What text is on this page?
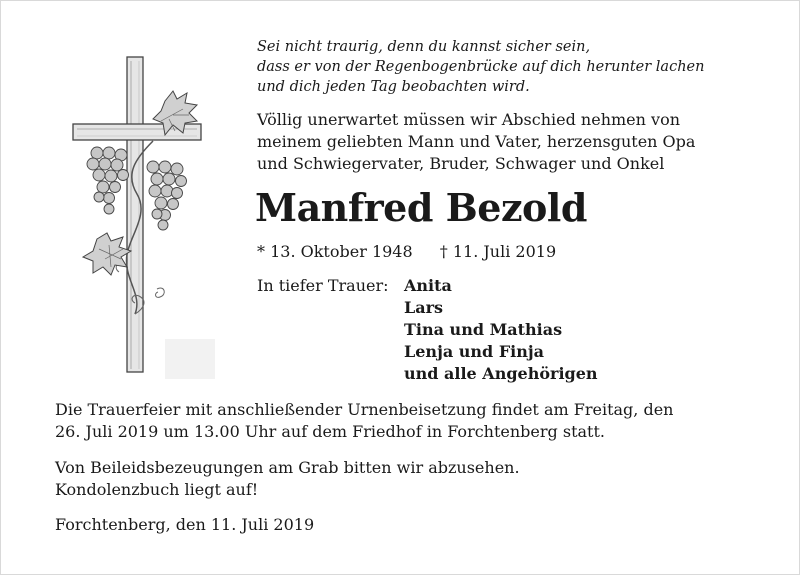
Sei nicht traurig, denn du kannst sicher sein,
dass er von der Regenbogenbrücke auf dich herunter lachen
und dich jeden Tag beobachten wird.
Völlig unerwartet müssen wir Abschied nehmen von
meinem geliebten Mann und Vater, herzensguten Opa
und Schwiegervater, Bruder, Schwager und Onkel
Manfred Bezold
* 13. Oktober 1948 † 11. Juli 2019
In tiefer Trauer: Anita
Lars
Tina und Mathias
Lenja und Finja
und alle Angehörigen
Die Trauerfeier mit anschließender Urnenbeisetzung findet am Freitag, den
26. Juli 2019 um 13.00 Uhr auf dem Friedhof in Forchtenberg statt.
Von Beileidsbezeugungen am Grab bitten wir abzusehen.
Kondolenzbuch liegt auf!
Forchtenberg, den 11. Juli 2019
